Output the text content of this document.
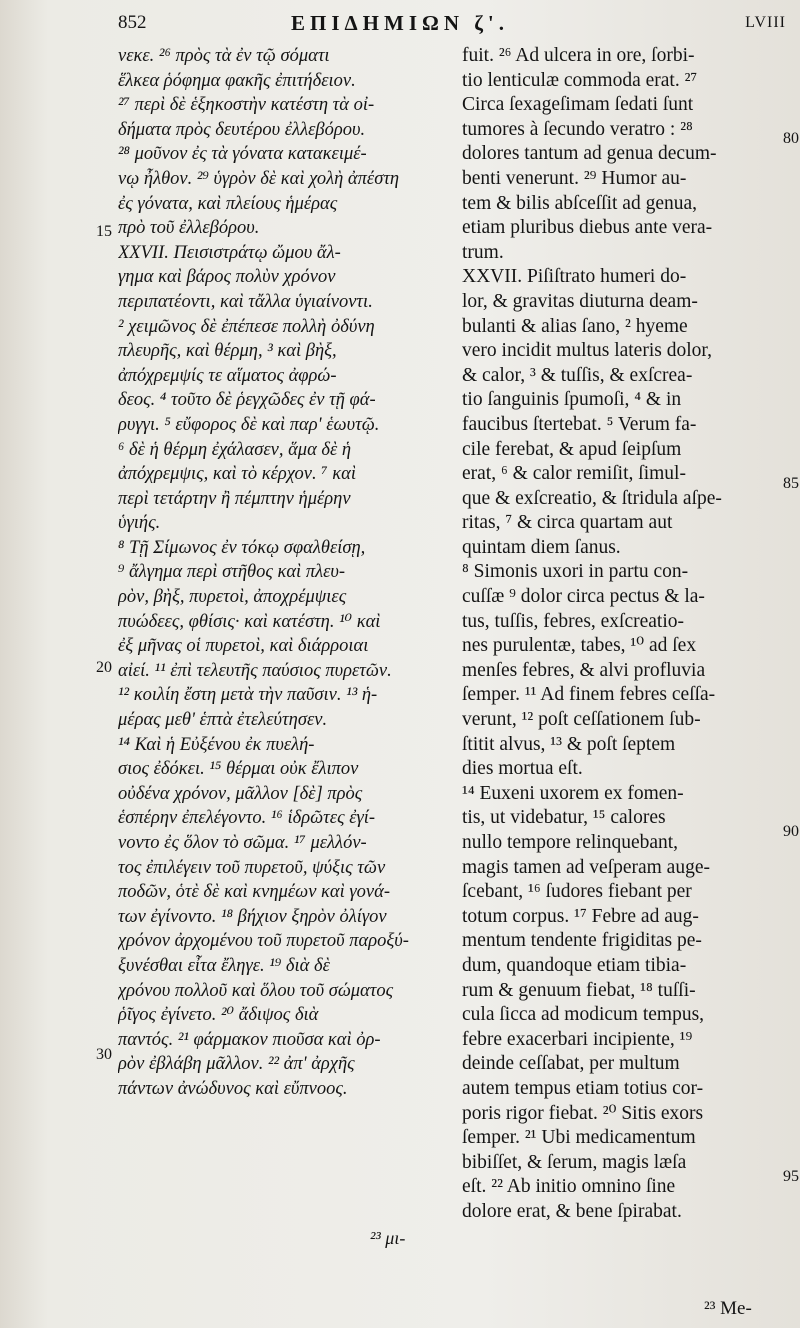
852	ΕΠΙΔΗΜΙΩΝ ζ'.	LVIII
νεκε. ²⁶ πρὸς τὰ ἐν τῷ σόματι
ἕλκεα ῥόφημα φακῆς ἐπιτήδειον.
²⁷ περὶ δὲ ἑξηκοστὴν κατέστη τὰ οἰ-
δήματα πρὸς δευτέρου ἐλλεβόρου.
²⁸ μοῦνον ἐς τὰ γόνατα κατακειμέ-
νῳ ἦλθον. ²⁹ ὑγρὸν δὲ καὶ χολὴ ἀπέστη
ἐς γόνατα, καὶ πλείους ἡμέρας
πρὸ τοῦ ἐλλεβόρου.
XXVII. Πεισιστράτῳ ὤμου ἄλ-
γημα καὶ βάρος πολὺν χρόνον
περιπατέοντι, καὶ τἄλλα ὑγιαίνοντι.
² χειμῶνος δὲ ἐπέπεσε πολλὴ ὀδύνη
πλευρῆς, καὶ θέρμη, ³ καὶ βὴξ,
ἀπόχρεμψίς τε αἵματος ἀφρώ-
δεος. ⁴ τοῦτο δὲ ῥεγχῶδες ἐν τῇ φά-
ρυγγι. ⁵ εὔφορος δὲ καὶ παρ' ἑωυτῷ.
⁶ δὲ ἡ θέρμη ἐχάλασεν, ἅμα δὲ ἡ
ἀπόχρεμψις, καὶ τὸ κέρχον. ⁷ καὶ
περὶ τετάρτην ἢ πέμπτην ἡμέρην
ὑγιής.
⁸ Τῇ Σίμωνος ἐν τόκῳ σφαλθείσῃ,
⁹ ἄλγημα περὶ στῆθος καὶ πλευ-
ρὸν, βὴξ, πυρετοὶ, ἀποχρέμψιες
πυώδεες, φθίσις· καὶ κατέστη. ¹⁰ καὶ
ἐξ μῆνας οἱ πυρετοὶ, καὶ διάρροιαι
αἰεί. ¹¹ ἐπὶ τελευτῆς παύσιος πυρετῶν.
¹² κοιλίη ἔστη μετὰ τὴν παῦσιν. ¹³ ἡ-
μέρας μεθ' ἑπτὰ ἐτελεύτησεν.
¹⁴ Καὶ ἡ Εὐξένου ἐκ πυελή-
σιος ἐδόκει. ¹⁵ θέρμαι οὐκ ἔλιπον
οὐδένα χρόνον, μᾶλλον [δὲ] πρὸς
ἑσπέρην ἐπελέγοντο. ¹⁶ ἱδρῶτες ἐγί-
νοντο ἐς ὅλον τὸ σῶμα. ¹⁷ μελλόν-
τος ἐπιλέγειν τοῦ πυρετοῦ, ψύξις τῶν
ποδῶν, ὁτὲ δὲ καὶ κνημέων καὶ γονά-
των ἐγίνοντο. ¹⁸ βήχιον ξηρὸν ὀλίγον
χρόνον ἀρχομένου τοῦ πυρετοῦ παροξύ-
ξυνέσθαι εἶτα ἔληγε. ¹⁹ διὰ δὲ
χρόνου πολλοῦ καὶ ὅλου τοῦ σώματος
ῥῖγος ἐγίνετο. ²⁰ ἄδιψος διὰ
παντός. ²¹ φάρμακον πιοῦσα καὶ ὀρ-
ρὸν ἐβλάβη μᾶλλον. ²² ἀπ' ἀρχῆς
πάντων ἀνώδυνος καὶ εὔπνοος.
fuit. ²⁶ Ad ulcera in ore, ſorbi-
tio lenticulæ commoda erat. ²⁷
Circa ſexageſimam ſedati ſunt
tumores à ſecundo veratro : ²⁸
dolores tantum ad genua decum-
benti venerunt. ²⁹ Humor au-
tem & bilis abſceſſit ad genua,
etiam pluribus diebus ante vera-
trum.
XXVII. Piſiſtrato humeri do-
lor, & gravitas diuturna deam-
bulanti & alias ſano, ² hyeme
vero incidit multus lateris dolor,
& calor, ³ & tuſſis, & exſcrea-
tio ſanguinis ſpumoſi, ⁴ & in
faucibus ſtertebat. ⁵ Verum fa-
cile ferebat, & apud ſeipſum
erat, ⁶ & calor remiſit, ſimul-
que & exſcreatio, & ſtridula aſpe-
ritas, ⁷ & circa quartam aut
quintam diem ſanus.
⁸ Simonis uxori in partu con-
cuſſæ ⁹ dolor circa pectus & la-
tus, tuſſis, febres, exſcreatio-
nes purulentæ, tabes, ¹⁰ ad ſex
menſes febres, & alvi profluvia
ſemper. ¹¹ Ad finem febres ceſſa-
verunt, ¹² poſt ceſſationem ſub-
ſtitit alvus, ¹³ & poſt ſeptem
dies mortua eſt.
¹⁴ Euxeni uxorem ex fomen-
tis, ut videbatur, ¹⁵ calores
nullo tempore relinquebant,
magis tamen ad veſperam auge-
ſcebant, ¹⁶ ſudores fiebant per
totum corpus. ¹⁷ Febre ad aug-
mentum tendente frigiditas pe-
dum, quandoque etiam tibia-
rum & genuum fiebat, ¹⁸ tuſſi-
cula ſicca ad modicum tempus,
febre exacerbari incipiente, ¹⁹
deinde ceſſabat, per multum
autem tempus etiam totius cor-
poris rigor fiebat. ²⁰ Sitis exors
ſemper. ²¹ Ubi medicamentum
bibiſſet, & ſerum, magis læſa
eſt. ²² Ab initio omnino ſine
dolore erat, & bene ſpirabat.
15
20
30
80
85
90
95
²³ μι-
²³ Me-
